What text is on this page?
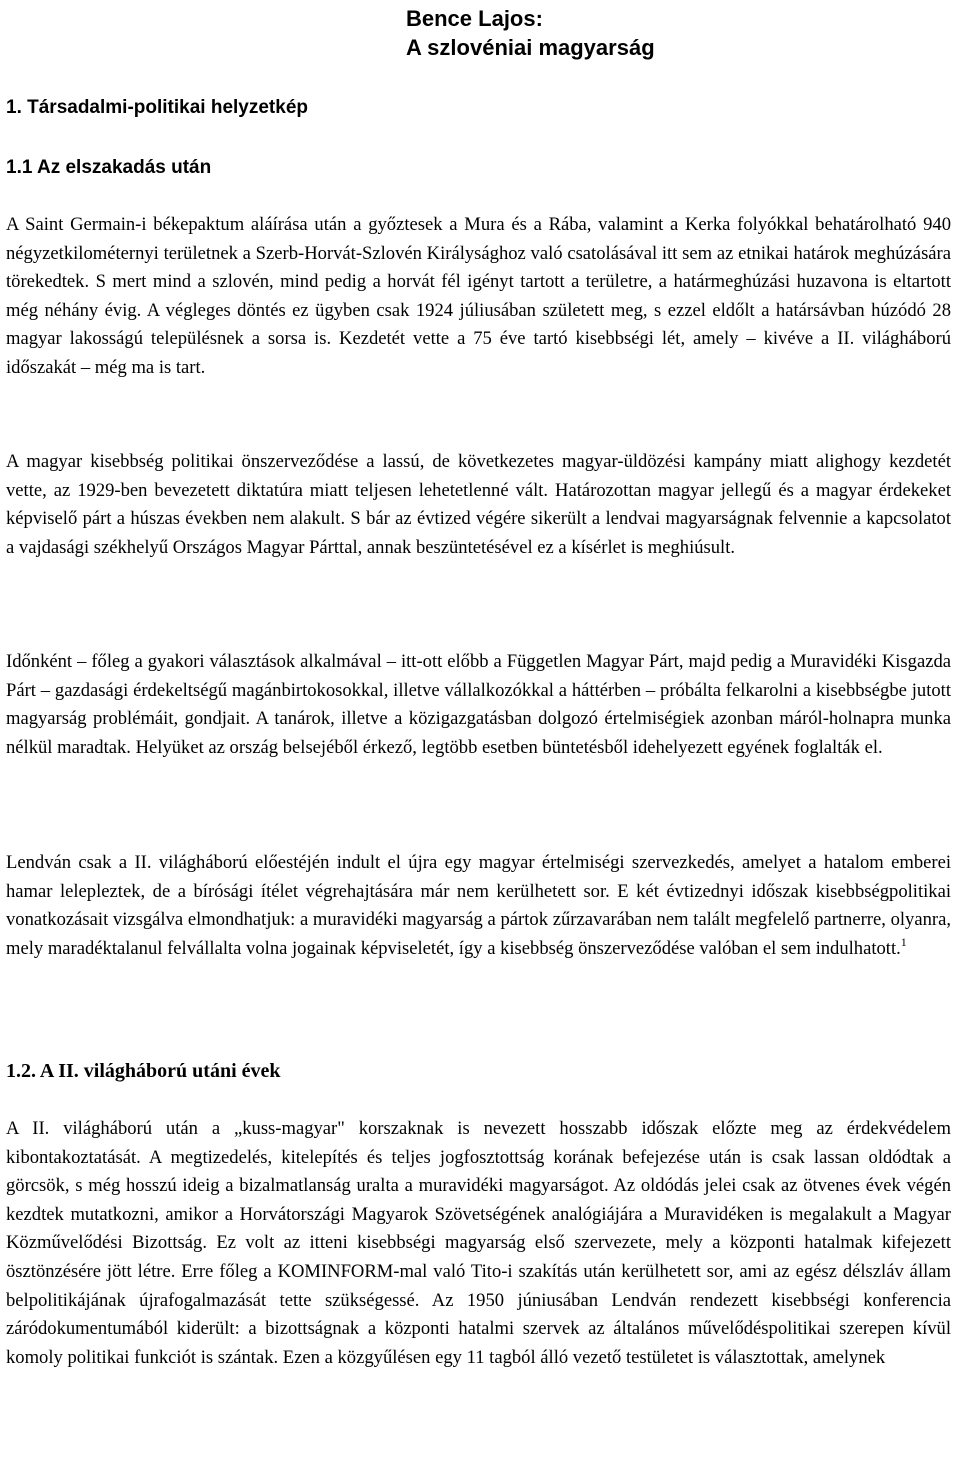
Bence Lajos:
A szlovéniai magyarság
1. Társadalmi-politikai helyzetkép
1.1 Az elszakadás után

A Saint Germain-i békepaktum aláírása után a győztesek a Mura és a Rába, valamint a Kerka folyókkal behatárolható 940 négyzetkilométernyi területnek a Szerb-Horvát-Szlovén Királysághoz való csatolásával itt sem az etnikai határok meghúzására törekedtek. S mert mind a szlovén, mind pedig a horvát fél igényt tartott a területre, a határmeghúzási huzavona is eltartott még néhány évig. A végleges döntés ez ügyben csak 1924 júliusában született meg, s ezzel eldőlt a határsávban húzódó 28 magyar lakosságú településnek a sorsa is. Kezdetét vette a 75 éve tartó kisebbségi lét, amely – kivéve a II. világháború időszakát – még ma is tart.

A magyar kisebbség politikai önszerveződése a lassú, de következetes magyar-üldözési kampány miatt alighogy kezdetét vette, az 1929-ben bevezetett diktatúra miatt teljesen lehetetlenné vált. Határozottan magyar jellegű és a magyar érdekeket képviselő párt a húszas években nem alakult. S bár az évtized végére sikerült a lendvai magyarságnak felvennie a kapcsolatot a vajdasági székhelyű Országos Magyar Párttal, annak beszüntetésével ez a kísérlet is meghiúsult.

Időnként – főleg a gyakori választások alkalmával – itt-ott előbb a Független Magyar Párt, majd pedig a Muravidéki Kisgazda Párt – gazdasági érdekeltségű magánbirtokosokkal, illetve vállalkozókkal a háttérben – próbálta felkarolni a kisebbségbe jutott magyarság problémáit, gondjait. A tanárok, illetve a közigazgatásban dolgozó értelmiségiek azonban máról-holnapra munka nélkül maradtak. Helyüket az ország belsejéből érkező, legtöbb esetben büntetésből idehelyezett egyének foglalták el.

Lendván csak a II. világháború előestéjén indult el újra egy magyar értelmiségi szervezkedés, amelyet a hatalom emberei hamar lelepleztek, de a bírósági ítélet végrehajtására már nem kerülhetett sor. E két évtizednyi időszak kisebbségpolitikai vonatkozásait vizsgálva elmondhatjuk: a muravidéki magyarság a pártok zűrzavarában nem talált megfelelő partnerre, olyanra, mely maradéktalanul felvállalta volna jogainak képviseletét, így a kisebbség önszerveződése valóban el sem indulhatott.$^1$

1.2. A II. világháború utáni évek

A II. világháború után a „kuss-magyar" korszaknak is nevezett hosszabb időszak előzte meg az érdekvédelem kibontakoztatását. A megtizedelés, kitelepítés és teljes jogfosztottság korának befejezése után is csak lassan oldódtak a görcsök, s még hosszú ideig a bizalmatlanság uralta a muravidéki magyarságot. Az oldódás jelei csak az ötvenes évek végén kezdtek mutatkozni, amikor a Horvátországi Magyarok Szövetségének analógiájára a Muravidéken is megalakult a Magyar Közművelődési Bizottság. Ez volt az itteni kisebbségi magyarság első szervezete, mely a központi hatalmak kifejezett ösztönzésére jött létre. Erre főleg a KOMINFORM-mal való Tito-i szakítás után kerülhetett sor, ami az egész délszláv állam belpolitikájának újrafogalmazását tette szükségessé. Az 1950 júniusában Lendván rendezett kisebbségi konferencia záródokumentumából kiderült: a bizottságnak a központi hatalmi szervek az általános művelődéspolitikai szerepen kívül komoly politikai funkciót is szántak. Ezen a közgyűlésen egy 11 tagból álló vezető testületet is választottak, amelynek
